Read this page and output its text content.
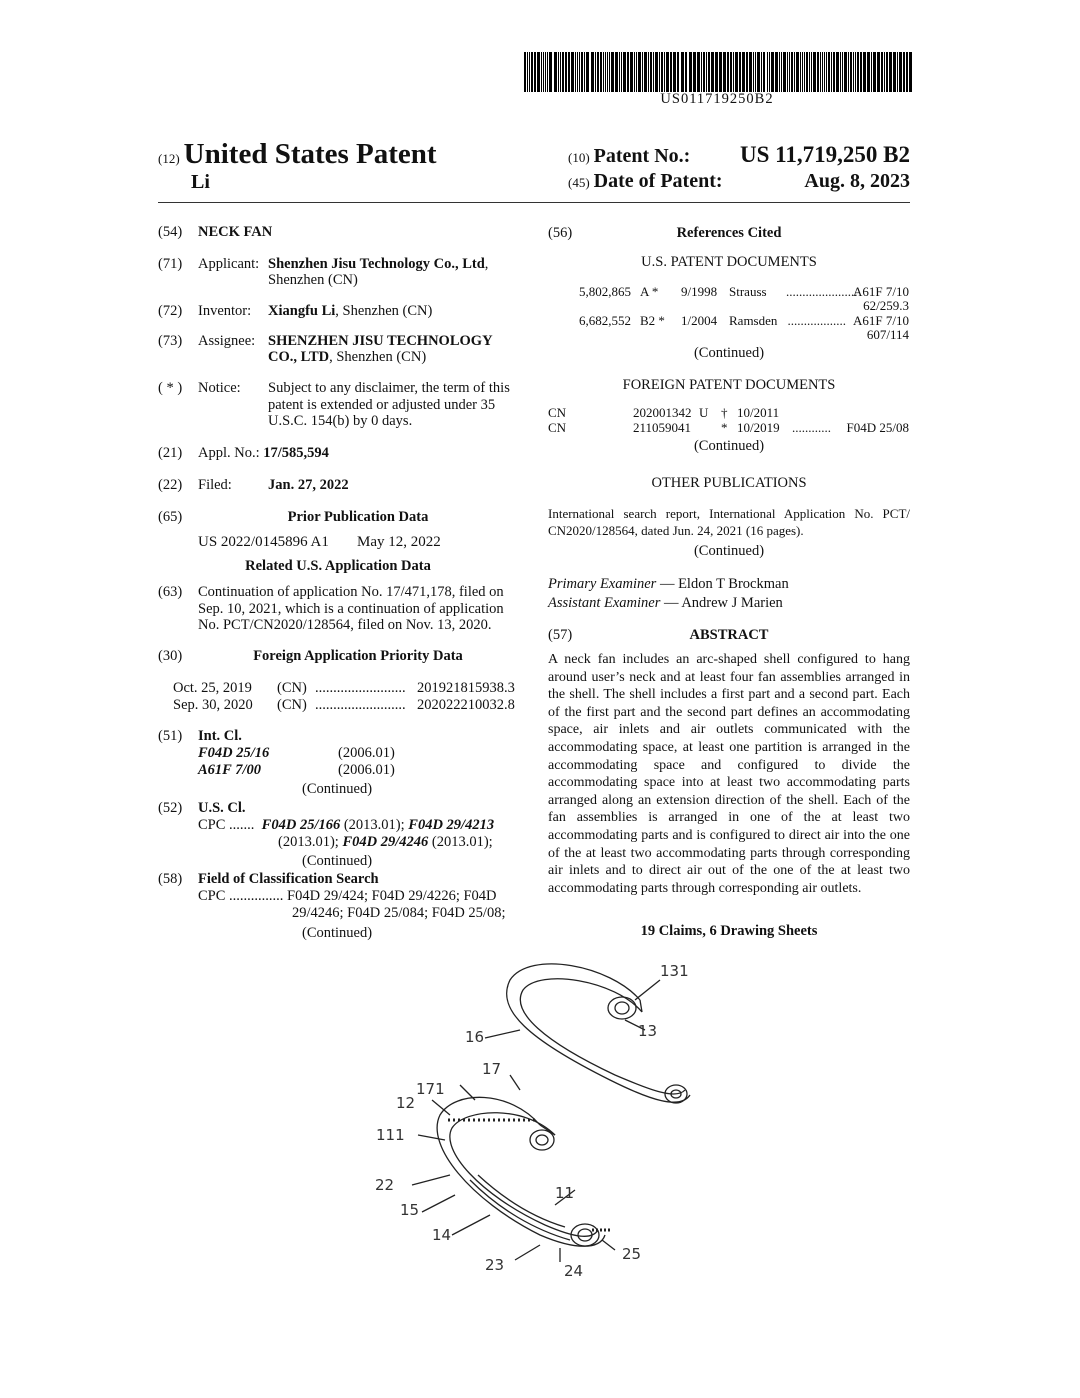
US011719250B2
(12) United States Patent
Li
(10) Patent No.: US 11,719,250 B2
(45) Date of Patent:	Aug. 8, 2023
(54) NECK FAN
(71) Applicant: Shenzhen Jisu Technology Co., Ltd,
Shenzhen (CN)
(72) Inventor: Xiangfu Li, Shenzhen (CN)
(73) Assignee: SHENZHEN JISU TECHNOLOGY
CO., LTD, Shenzhen (CN)
( * ) Notice: Subject to any disclaimer, the term of this
patent is extended or adjusted under 35
U.S.C. 154(b) by 0 days.
(21) Appl. No.: 17/585,594
(22) Filed: Jan. 27, 2022
(65)	Prior Publication Data
US 2022/0145896 A1 May 12, 2022
Related U.S. Application Data
(63) Continuation of application No. 17/471,178, filed on
Sep. 10, 2021, which is a continuation of application
No. PCT/CN2020/128564, filed on Nov. 13, 2020.
(30)	Foreign Application Priority Data
Oct. 25, 2019 (CN) ......................... 201921815938.3
Sep. 30, 2020 (CN) ......................... 202022210032.8
(51) Int. Cl.
F04D 25/16	(2006.01)
A61F 7/00	(2006.01)
(Continued)
(52) U.S. Cl.
CPC ....... F04D 25/166 (2013.01); F04D 29/4213
(2013.01); F04D 29/4246 (2013.01);
(Continued)
(58) Field of Classification Search
CPC ............... F04D 29/424; F04D 29/4226; F04D
29/4246; F04D 25/084; F04D 25/08;
(Continued)
(56)	References Cited
U.S. PATENT DOCUMENTS
5,802,865 A * 9/1998 Strauss ......................
A61F 7/10
62/259.3
6,682,552 B2 * 1/2004 Ramsden .................. A61F 7/10
607/114
(Continued)
FOREIGN PATENT DOCUMENTS
CN	202001342 U † 10/2011
CN	211059041 * 10/2019 ............	F04D 25/08
(Continued)
OTHER PUBLICATIONS
International search report, International Application No. PCT/
CN2020/128564, dated Jun. 24, 2021 (16 pages).
(Continued)
Primary Examiner — Eldon T Brockman
Assistant Examiner — Andrew J Marien
(57)	ABSTRACT
A neck fan includes an arc-shaped shell configured to hang around user’s neck and at least four fan assemblies arranged in the shell. The shell includes a first part and a second part. Each of the first part and the second part defines an accommodating space, air inlets and air outlets communicated with the accommodating space, at least one partition is arranged in the accommodating space and configured to divide the accommodating space into at least two accommodating parts arranged along an extension direction of the shell. Each of the fan assemblies is arranged in one of the at least two accommodating parts and is configured to direct air into the one of the at least two accommodating parts through corresponding air inlets and to direct air out of the one of the at least two accommodating parts through corresponding air outlets.
19 Claims, 6 Drawing Sheets
131
13
16
17
171
12
111
22
15
11
14
23	24
25
